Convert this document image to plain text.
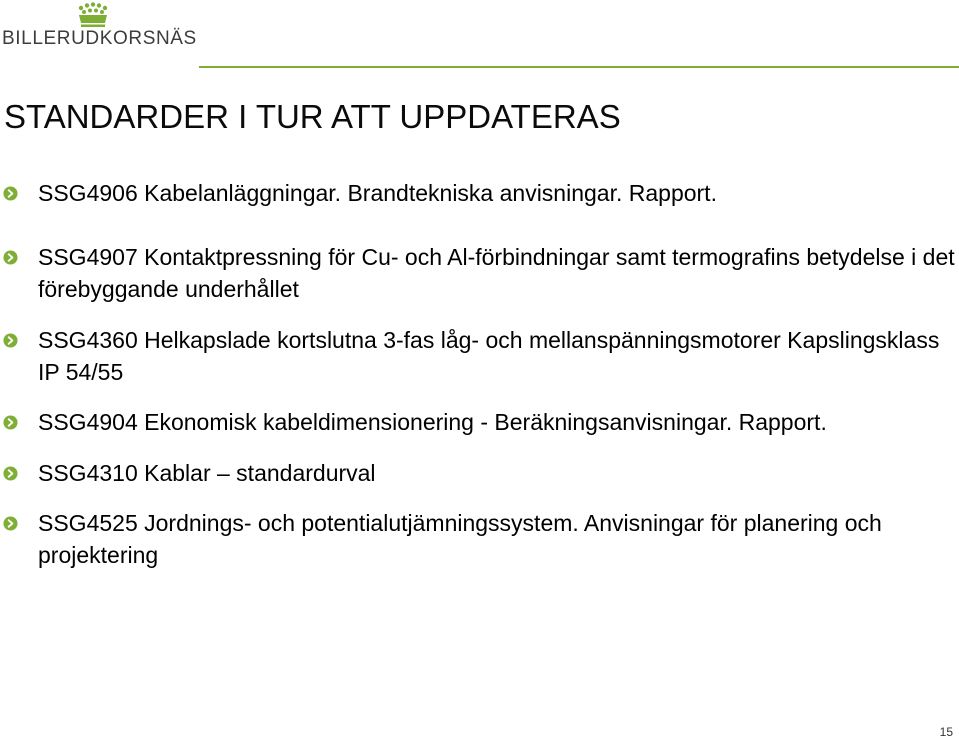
BILLERUDKORSNÄS
STANDARDER I TUR ATT UPPDATERAS
SSG4906 Kabelanläggningar. Brandtekniska anvisningar. Rapport.
SSG4907 Kontaktpressning för Cu- och Al-förbindningar samt termografins betydelse i det förebyggande underhållet
SSG4360 Helkapslade kortslutna 3-fas låg- och mellanspänningsmotorer Kapslingsklass IP 54/55
SSG4904 Ekonomisk kabeldimensionering - Beräkningsanvisningar. Rapport.
SSG4310 Kablar – standardurval
SSG4525 Jordnings- och potentialutjämningssystem. Anvisningar för planering och projektering
15
